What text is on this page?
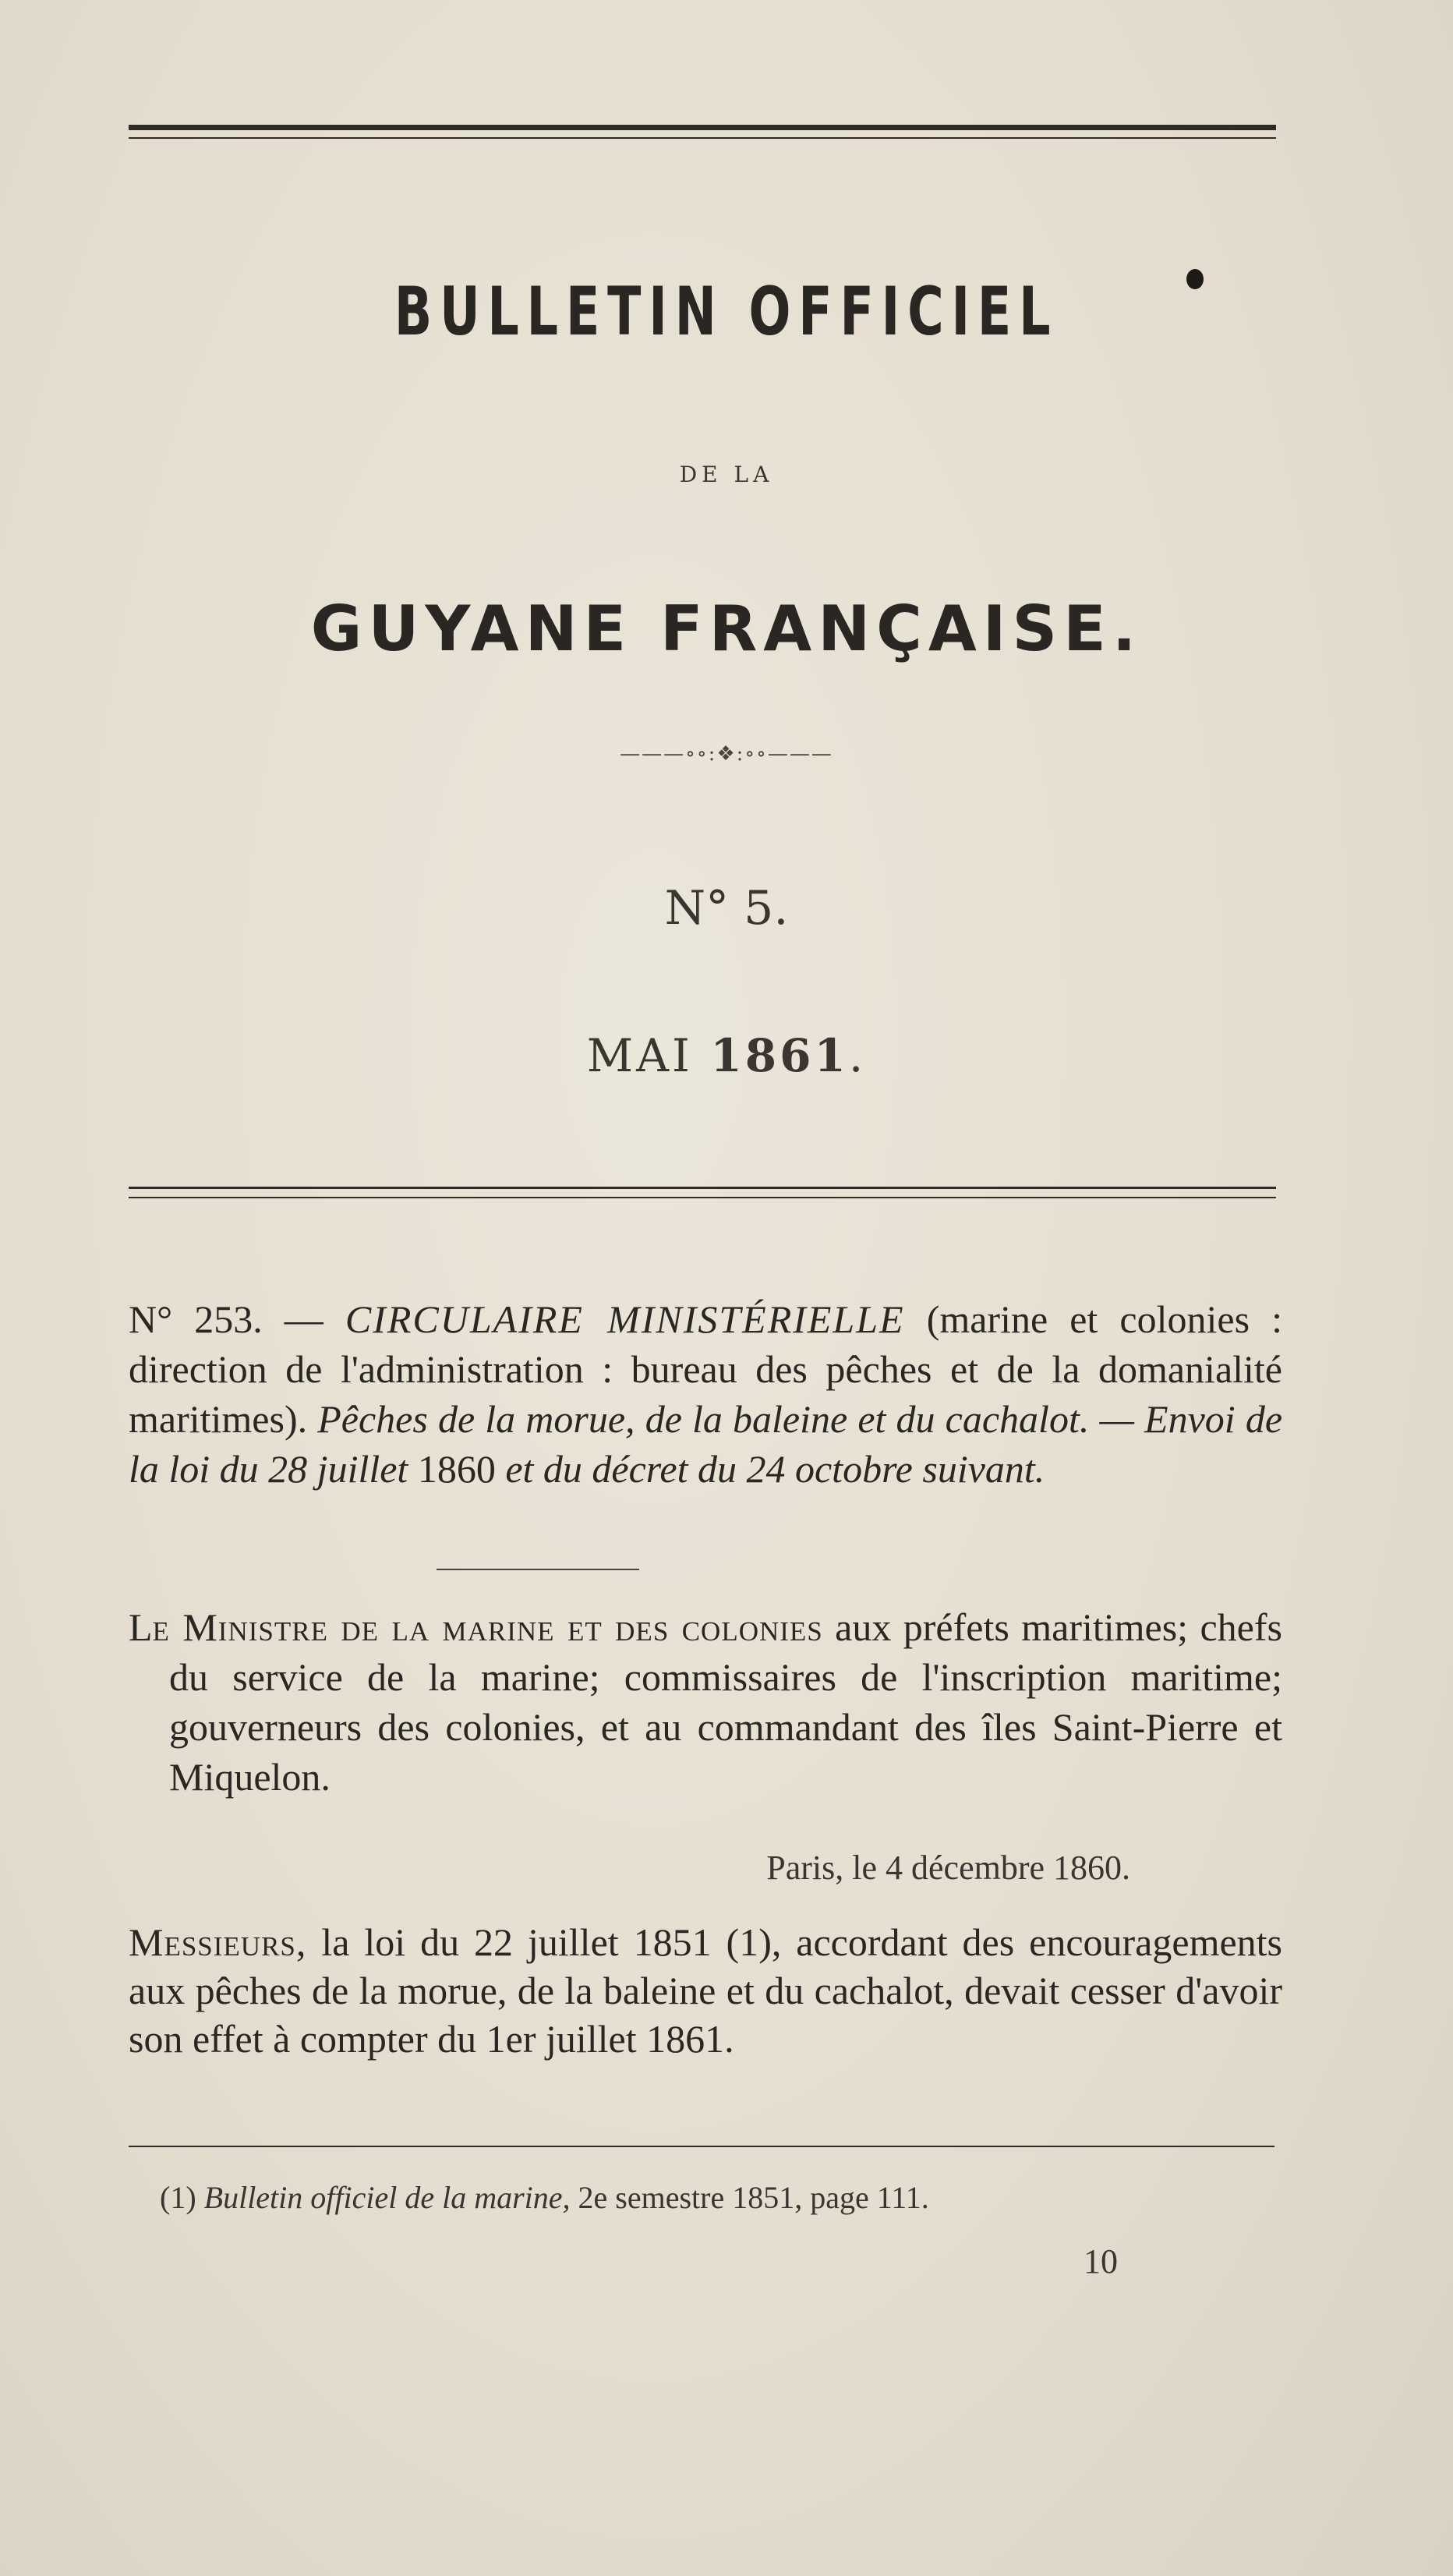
BULLETIN OFFICIEL
DE LA
GUYANE FRANÇAISE.
———∘∘:❖:∘∘———
N° 5.
MAI 1861.
N° 253. — CIRCULAIRE MINISTÉRIELLE (marine et colonies : direction de l'administration : bureau des pêches et de la domanialité maritimes). Pêches de la morue, de la baleine et du cachalot. — Envoi de la loi du 28 juillet 1860 et du décret du 24 octobre suivant.
Le Ministre de la marine et des colonies aux préfets maritimes; chefs du service de la marine; commissaires de l'inscription maritime; gouverneurs des colonies, et au commandant des îles Saint-Pierre et Miquelon.
Paris, le 4 décembre 1860.
Messieurs, la loi du 22 juillet 1851 (1), accordant des encouragements aux pêches de la morue, de la baleine et du cachalot, devait cesser d'avoir son effet à compter du 1er juillet 1861.
(1) Bulletin officiel de la marine, 2e semestre 1851, page 111.
10
